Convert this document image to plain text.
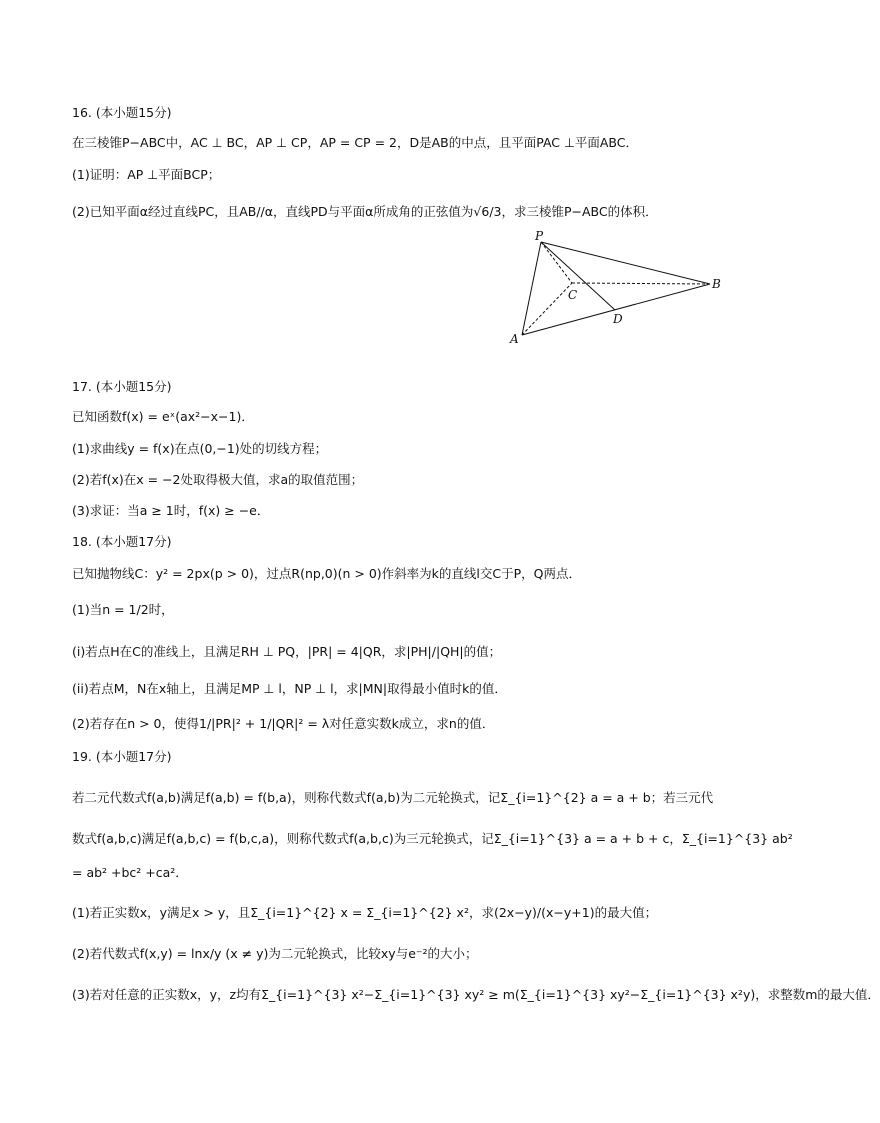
16. (本小题15分)
在三棱锥P−ABC中，AC ⊥ BC，AP ⊥ CP，AP = CP = 2，D是AB的中点，且平面PAC ⊥平面ABC．
(1)证明：AP ⊥平面BCP；
(2)已知平面α经过直线PC，且AB//α，直线PD与平面α所成角的正弦值为√6/3，求三棱锥P−ABC的体积．
P
A
B
C
D
17. (本小题15分)
已知函数f(x) = eˣ(ax²−x−1)．
(1)求曲线y = f(x)在点(0,−1)处的切线方程；
(2)若f(x)在x = −2处取得极大值，求a的取值范围；
(3)求证：当a ≥ 1时，f(x) ≥ −e．
18. (本小题17分)
已知抛物线C：y² = 2px(p > 0)，过点R(np,0)(n > 0)作斜率为k的直线l交C于P，Q两点．
(1)当n = 1/2时，
(i)若点H在C的准线上，且满足RH ⊥ PQ，|PR| = 4|QR，求|PH|/|QH|的值；
(ii)若点M，N在x轴上，且满足MP ⊥ l，NP ⊥ l，求|MN|取得最小值时k的值．
(2)若存在n > 0，使得1/|PR|² + 1/|QR|² = λ对任意实数k成立，求n的值．
19. (本小题17分)
若二元代数式f(a,b)满足f(a,b) = f(b,a)，则称代数式f(a,b)为二元轮换式，记Σ_{i=1}^{2} a = a + b；若三元代
数式f(a,b,c)满足f(a,b,c) = f(b,c,a)，则称代数式f(a,b,c)为三元轮换式，记Σ_{i=1}^{3} a = a + b + c，Σ_{i=1}^{3} ab²
= ab² +bc² +ca²．
(1)若正实数x，y满足x > y，且Σ_{i=1}^{2} x = Σ_{i=1}^{2} x²，求(2x−y)/(x−y+1)的最大值；
(2)若代数式f(x,y) = lnx/y (x ≠ y)为二元轮换式，比较xy与e⁻²的大小；
(3)若对任意的正实数x，y，z均有Σ_{i=1}^{3} x²−Σ_{i=1}^{3} xy² ≥ m(Σ_{i=1}^{3} xy²−Σ_{i=1}^{3} x²y)，求整数m的最大值．
